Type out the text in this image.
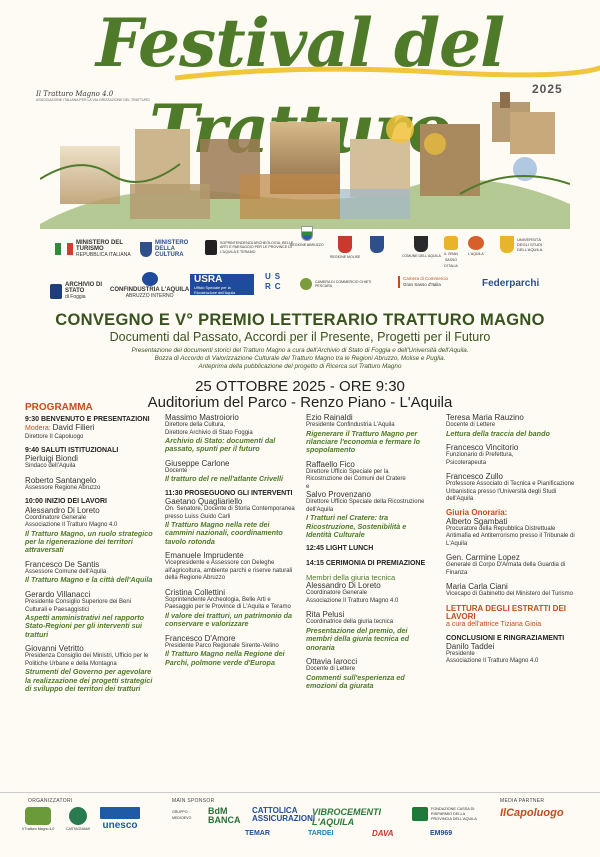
Festival del
2025
Il Tratturo Magno 4.0
ASSOCIAZIONE ITALIANA PER LA VALORIZZAZIONE DEL TRATTURO
MINISTERO DEL TURISMO
REPUBBLICA ITALIANA
MINISTERO DELLA CULTURA
SOPRINTENDENZA ARCHEOLOGIA, BELLE ARTI E PAESAGGIO PER LE PROVINCE DI L'AQUILA E TERAMO
REGIONE ABRUZZO
REGIONE MOLISE	COMUNE DELL'AQUILA IL GRAN SASSO D'ITALIA
L'AQUILA
UNIVERSITÀ DEGLI STUDI DELL'AQUILA
ARCHIVIO DI STATO
di Foggia
CONFINDUSTRIA L'AQUILA
ABRUZZO INTERNO
USRA
Ufficio Speciale per la Ricostruzione dell'Aquila
USRC
CAMERA DI COMMERCIO CHIETI PESCARA
Camera di Commercio
Gran Sasso d'Italia	Federparchi
CONVEGNO E V° PREMIO LETTERARIO TRATTURO MAGNO
Documenti dal Passato, Accordi per il Presente, Progetti per il Futuro
Presentazione dei documenti storici del Tratturo Magno a cura dell'Archivio di Stato di Foggia e dell'Università dell'Aquila.
Bozza di Accordo di Valorizzazione Culturale del Tratturo Magno tra le Regioni Abruzzo, Molise e Puglia.
Anteprima della pubblicazione del progetto di Ricerca sul Tratturo Magno
25 OTTOBRE 2025 - ORE 9:30
Auditorium del Parco - Renzo Piano - L'Aquila
PROGRAMMA

9:30 BENVENUTO E PRESENTAZIONI

Modera: David Filieri

Direttore Il Capoluogo

9:40 SALUTI ISTITUZIONALI

Pierluigi Biondi

Sindaco dell'Aquila

Roberto Santangelo

Assessore Regione Abruzzo

10:00 INIZIO DEI LAVORI

Alessandro Di Loreto

Coordinatore Generale

Associazione Il Tratturo Magno 4.0

Il Tratturo Magno, un ruolo strategico per la rigenerazione dei territori attraversati

Francesco De Santis

Assessore Comune dell'Aquila

Il Tratturo Magno e la città dell'Aquila

Gerardo Villanacci

Presidente Consiglio Superiore dei Beni Culturali e Paesaggistici

Aspetti amministrativi nel rapporto Stato-Regioni per gli interventi sui tratturi

Giovanni Vetritto

Presidenza Consiglio dei Ministri, Ufficio per le Politiche Urbane e della Montagna

Strumenti del Governo per agevolare la realizzazione dei progetti strategici di sviluppo dei territori dei tratturi

Massimo Mastroiorio

Direttore della Cultura,

Direttore Archivio di Stato Foggia

Archivio di Stato: documenti dal passato, spunti per il futuro

Giuseppe Carlone

Docente

Il tratturo del re nell'atlante Crivelli

11:30 PROSEGUONO GLI INTERVENTI

Gaetano Quagliariello

On. Senatore, Docente di Storia Contemporanea presso Luiss Guido Carli

Il Tratturo Magno nella rete dei cammini nazionali, coordinamento tavolo rotonda

Emanuele Imprudente

Vicepresidente e Assessore con Deleghe all'agricoltura, ambiente parchi e riserve naturali della Regione Abruzzo

Cristina Collettini

Soprintendente Archeologia, Belle Arti e Paesaggio per le Province di L'Aquila e Teramo

Il valore dei tratturi, un patrimonio da conservare e valorizzare

Francesco D'Amore

Presidente Parco Regionale Sirente-Velino

Il Tratturo Magno nella Regione dei Parchi, polmone verde d'Europa

Ezio Rainaldi

Presidente Confindustria L'Aquila

Rigenerare il Tratturo Magno per rilanciare l'economia e fermare lo spopolamento

Raffaello Fico

Direttore Ufficio Speciale per la Ricostruzione dei Comuni del Cratere

e

Salvo Provenzano

Direttore Ufficio Speciale della Ricostruzione dell'Aquila

I Tratturi nel Cratere: tra Ricostruzione, Sostenibilità e Identità Culturale

12:45 LIGHT LUNCH

14:15 CERIMONIA DI PREMIAZIONE

Membri della giuria tecnica

Alessandro Di Loreto

Coordinatore Generale

Associazione Il Tratturo Magno 4.0

Rita Pelusi

Coordinatrice della giuria tecnica

Presentazione del premio, dei membri della giuria tecnica ed onoraria

Ottavia Iarocci

Docente di Lettere

Commenti sull'esperienza ed emozioni da giurata

Teresa Maria Rauzino

Docente di Lettere

Lettura della traccia del bando

Francesco Vincitorio

Funzionario di Prefettura,

Psicoterapeuta

Francesco Zullo

Professore Associato di Tecnica e Pianificazione Urbanistica presso l'Università degli Studi dell'Aquila

Giuria Onoraria:

Alberto Sgambati

Procuratore della Repubblica Distrettuale Antimafia ed Antiterrorismo presso il Tribunale di L'Aquila

Gen. Carmine Lopez

Generale di Corpo D'Armata della Guardia di Finanza

Maria Carla Ciani

Vicecapo di Gabinetto del Ministero del Turismo

LETTURA DEGLI ESTRATTI DEI LAVORI

a cura dell'attrice Tiziana Gioia

CONCLUSIONI E RINGRAZIAMENTI

Danilo Taddei

Presidente

Associazione Il Tratturo Magno 4.0

ORGANIZZATORI	MAIN SPONSOR	MEDIA PARTNER
Il Tratturo Magno 4.0	CASTAGNIAMI unesco
GRUPPO MEDIOEVO
BdM BANCA
CATTOLICA ASSICURAZIONI
VIBROCEMENTI L'AQUILA
FONDAZIONE CASSA DI RISPARMIO DELLA PROVINCIA DELL'AQUILA
TEMAR	TARDEI	DAVA	EM969
IlCapoluogo
